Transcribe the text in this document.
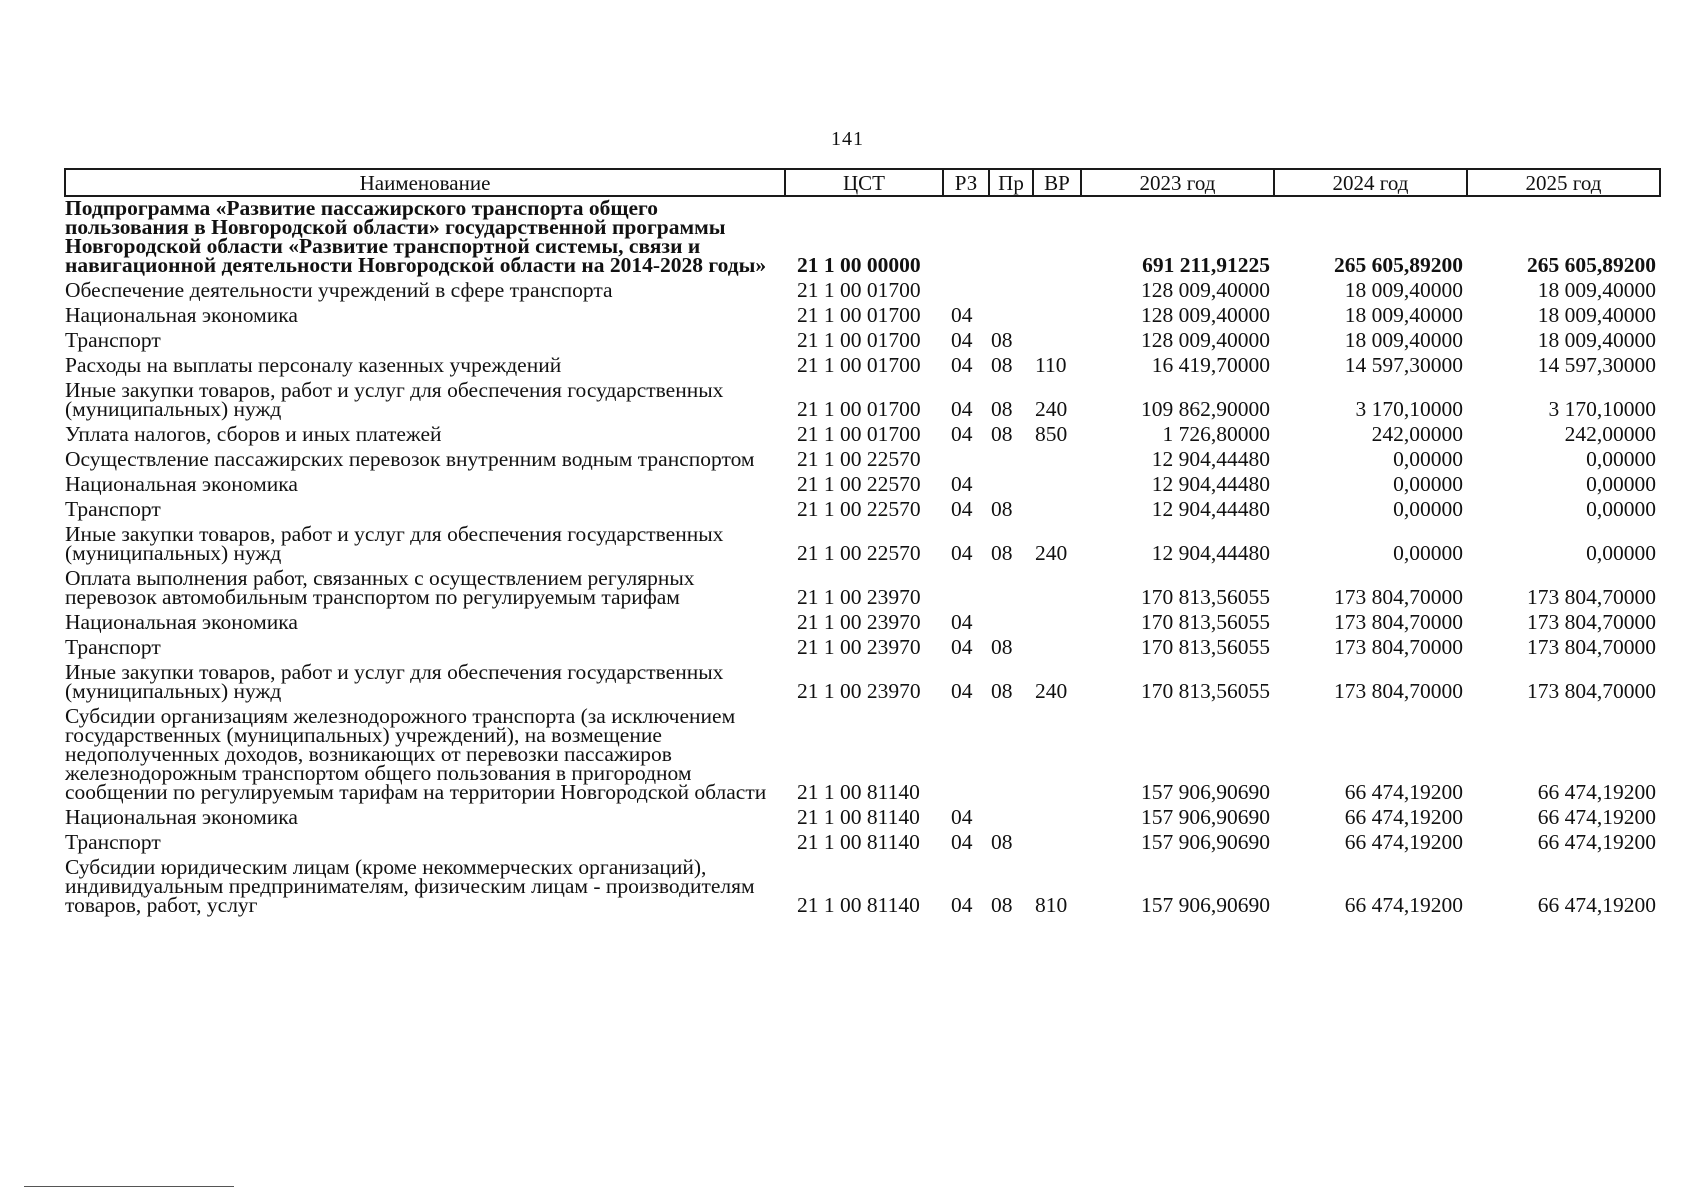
141
Наименование	ЦСТ	РЗ	Пр	ВР	2023 год	2024 год	2025 год
Подпрограмма «Развитие пассажирского транспорта общего пользования в Новгородской области» государственной программы Новгородской области «Развитие транспортной системы, связи и навигационной деятельности Новгородской области на 2014-2028 годы»	21 1 00 00000				691 211,91225	265 605,89200	265 605,89200
Обеспечение деятельности учреждений в сфере транспорта	21 1 00 01700				128 009,40000	18 009,40000	18 009,40000
Национальная экономика	21 1 00 01700	04			128 009,40000	18 009,40000	18 009,40000
Транспорт	21 1 00 01700	04	08		128 009,40000	18 009,40000	18 009,40000
Расходы на выплаты персоналу казенных учреждений	21 1 00 01700	04	08	110	16 419,70000	14 597,30000	14 597,30000
Иные закупки товаров, работ и услуг для обеспечения государственных (муниципальных) нужд	21 1 00 01700	04	08	240	109 862,90000	3 170,10000	3 170,10000
Уплата налогов, сборов и иных платежей	21 1 00 01700	04	08	850	1 726,80000	242,00000	242,00000
Осуществление пассажирских перевозок внутренним водным транспортом	21 1 00 22570				12 904,44480	0,00000	0,00000
Национальная экономика	21 1 00 22570	04			12 904,44480	0,00000	0,00000
Транспорт	21 1 00 22570	04	08		12 904,44480	0,00000	0,00000
Иные закупки товаров, работ и услуг для обеспечения государственных (муниципальных) нужд	21 1 00 22570	04	08	240	12 904,44480	0,00000	0,00000
Оплата выполнения работ, связанных с осуществлением регулярных перевозок автомобильным транспортом по регулируемым тарифам	21 1 00 23970				170 813,56055	173 804,70000	173 804,70000
Национальная экономика	21 1 00 23970	04			170 813,56055	173 804,70000	173 804,70000
Транспорт	21 1 00 23970	04	08		170 813,56055	173 804,70000	173 804,70000
Иные закупки товаров, работ и услуг для обеспечения государственных (муниципальных) нужд	21 1 00 23970	04	08	240	170 813,56055	173 804,70000	173 804,70000
Субсидии организациям железнодорожного транспорта (за исключением государственных (муниципальных) учреждений), на возмещение недополученных доходов, возникающих от перевозки пассажиров железнодорожным транспортом общего пользования в пригородном сообщении по регулируемым тарифам на территории Новгородской области	21 1 00 81140				157 906,90690	66 474,19200	66 474,19200
Национальная экономика	21 1 00 81140	04			157 906,90690	66 474,19200	66 474,19200
Транспорт	21 1 00 81140	04	08		157 906,90690	66 474,19200	66 474,19200
Субсидии юридическим лицам (кроме некоммерческих организаций), индивидуальным предпринимателям, физическим лицам - производителям товаров, работ, услуг	21 1 00 81140	04	08	810	157 906,90690	66 474,19200	66 474,19200
